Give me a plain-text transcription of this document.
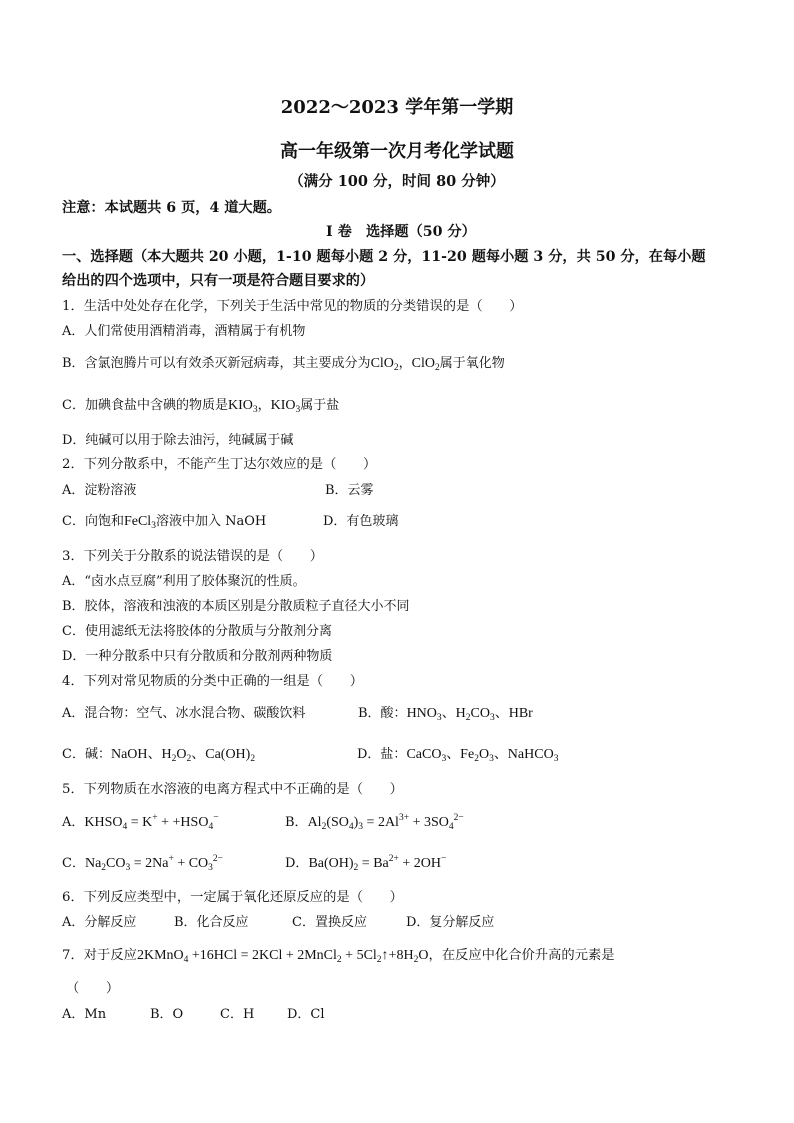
2022～2023 学年第一学期
高一年级第一次月考化学试题
（满分 100 分，时间 80 分钟）
注意：本试题共 6 页，4 道大题。
I 卷　选择题（50 分）
一、选择题（本大题共 20 小题，1-10 题每小题 2 分，11-20 题每小题 3 分，共 50 分，在每小题
给出的四个选项中，只有一项是符合题目要求的）
1．生活中处处存在化学，下列关于生活中常见的物质的分类错误的是（　　）
A．人们常使用酒精消毒，酒精属于有机物
B．含氯泡腾片可以有效杀灭新冠病毒，其主要成分为ClO$_2$，ClO$_2$属于氧化物
C．加碘食盐中含碘的物质是$KIO_3$，$KIO_3$属于盐
D．纯碱可以用于除去油污，纯碱属于碱
2．下列分散系中，不能产生丁达尔效应的是（　　）
A．淀粉溶液	B．云雾
C．向饱和FeCl$_3$溶液中加入 NaOH	D．有色玻璃
3．下列关于分散系的说法错误的是（　　）
A．“卤水点豆腐”利用了胶体聚沉的性质。
B．胶体，溶液和浊液的本质区别是分散质粒子直径大小不同
C．使用滤纸无法将胶体的分散质与分散剂分离
D．一种分散系中只有分散质和分散剂两种物质
4．下列对常见物质的分类中正确的一组是（　　）
A．混合物：空气、冰水混合物、碳酸饮料	B．酸：$HNO_3$、$H_2CO_3$、HBr
C．碱：NaOH、$H_2O_2$、$Ca(OH)_2$	D．盐：CaCO$_3$、$Fe_2O_3$、NaHCO$_3$
5．下列物质在水溶液的电离方程式中不正确的是（　　）
A．$KHSO_4 = K^+ + +HSO_4^-$	B．$Al_2(SO_4)_3 = 2Al^{3+} + 3SO_4^{2-}$
C．$Na_2CO_3 = 2Na^+ + CO_3^{2-}$	D．$Ba(OH)_2 = Ba^{2+} + 2OH^-$
6．下列反应类型中，一定属于氧化还原反应的是（　　）
A．分解反应	B．化合反应	C．置换反应	D．复分解反应
7．对于反应2KMnO$_4$ +16HCl = 2KCl + 2MnCl$_2$ + $5Cl_2↑+8H_2O$，在反应中化合价升高的元素是
（　　）
A．Mn	B．O	C．H	D．Cl
